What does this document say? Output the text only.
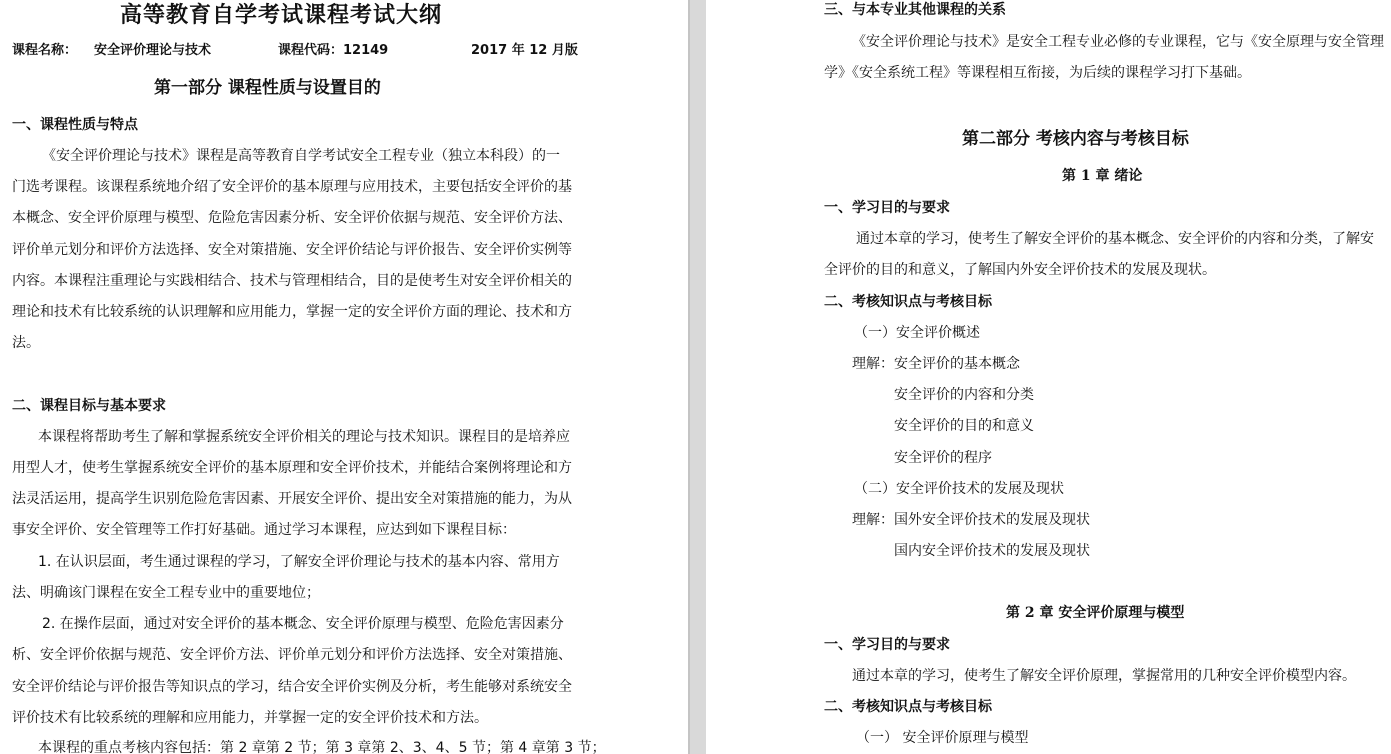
高等教育自学考试课程考试大纲
课程名称： 安全评价理论与技术	课程代码：12149	2017 年 12 月版
第一部分 课程性质与设置目的
一、课程性质与特点
《安全评价理论与技术》课程是高等教育自学考试安全工程专业（独立本科段）的一
门选考课程。该课程系统地介绍了安全评价的基本原理与应用技术，主要包括安全评价的基
本概念、安全评价原理与模型、危险危害因素分析、安全评价依据与规范、安全评价方法、
评价单元划分和评价方法选择、安全对策措施、安全评价结论与评价报告、安全评价实例等
内容。本课程注重理论与实践相结合、技术与管理相结合，目的是使考生对安全评价相关的
理论和技术有比较系统的认识理解和应用能力，掌握一定的安全评价方面的理论、技术和方
法。
二、课程目标与基本要求
本课程将帮助考生了解和掌握系统安全评价相关的理论与技术知识。课程目的是培养应
用型人才，使考生掌握系统安全评价的基本原理和安全评价技术，并能结合案例将理论和方
法灵活运用，提高学生识别危险危害因素、开展安全评价、提出安全对策措施的能力，为从
事安全评价、安全管理等工作打好基础。通过学习本课程，应达到如下课程目标：
1. 在认识层面，考生通过课程的学习，了解安全评价理论与技术的基本内容、常用方
法、明确该门课程在安全工程专业中的重要地位；
2. 在操作层面，通过对安全评价的基本概念、安全评价原理与模型、危险危害因素分
析、安全评价依据与规范、安全评价方法、评价单元划分和评价方法选择、安全对策措施、
安全评价结论与评价报告等知识点的学习，结合安全评价实例及分析，考生能够对系统安全
评价技术有比较系统的理解和应用能力，并掌握一定的安全评价技术和方法。
本课程的重点考核内容包括：第 2 章第 2 节；第 3 章第 2、3、4、5 节；第 4 章第 3 节；
三、与本专业其他课程的关系
《安全评价理论与技术》是安全工程专业必修的专业课程，它与《安全原理与安全管理
学》《安全系统工程》等课程相互衔接，为后续的课程学习打下基础。
第二部分 考核内容与考核目标
第 1 章 绪论
一、学习目的与要求
通过本章的学习，使考生了解安全评价的基本概念、安全评价的内容和分类，了解安
全评价的目的和意义，了解国内外安全评价技术的发展及现状。
二、考核知识点与考核目标
（一）安全评价概述
理解：安全评价的基本概念
安全评价的内容和分类
安全评价的目的和意义
安全评价的程序
（二）安全评价技术的发展及现状
理解：国外安全评价技术的发展及现状
国内安全评价技术的发展及现状
第 2 章 安全评价原理与模型
一、学习目的与要求
通过本章的学习，使考生了解安全评价原理，掌握常用的几种安全评价模型内容。
二、考核知识点与考核目标
（一） 安全评价原理与模型
